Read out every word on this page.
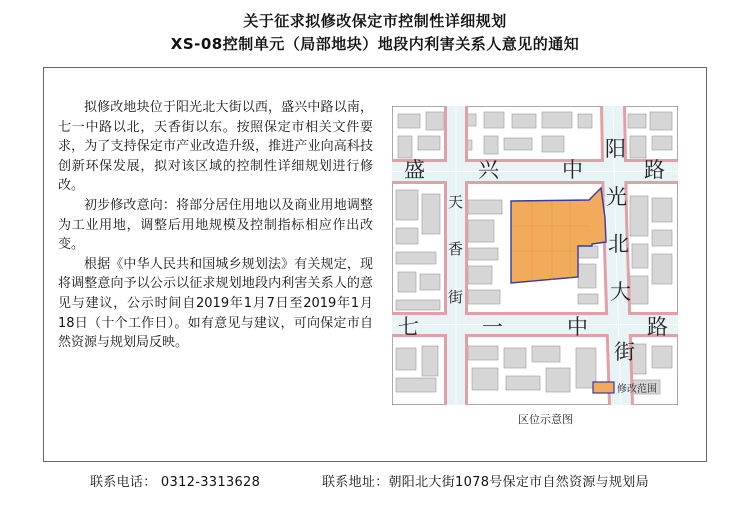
关于征求拟修改保定市控制性详细规划
XS-08控制单元（局部地块）地段内利害关系人意见的通知

拟修改地块位于阳光北大街以西，盛兴中路以南，七一中路以北，天香街以东。按照保定市相关文件要求，为了支持保定市产业改造升级，推进产业向高科技创新环保发展，拟对该区域的控制性详细规划进行修改。

初步修改意向：将部分居住用地以及商业用地调整为工业用地，调整后用地规模及控制指标相应作出改变。

根据《中华人民共和国城乡规划法》有关规定，现将调整意向予以公示以征求规划地段内利害关系人的意见与建议，公示时间自2019年1月7日至2019年1月18日（十个工作日）。如有意见与建议，可向保定市自然资源与规划局反映。

盛	兴	中	路
阳
光
北
大
街
七	一	中	路
天
香
街
修改范围
区位示意图
联系电话： 0312-3313628	联系地址：朝阳北大街1078号保定市自然资源与规划局
